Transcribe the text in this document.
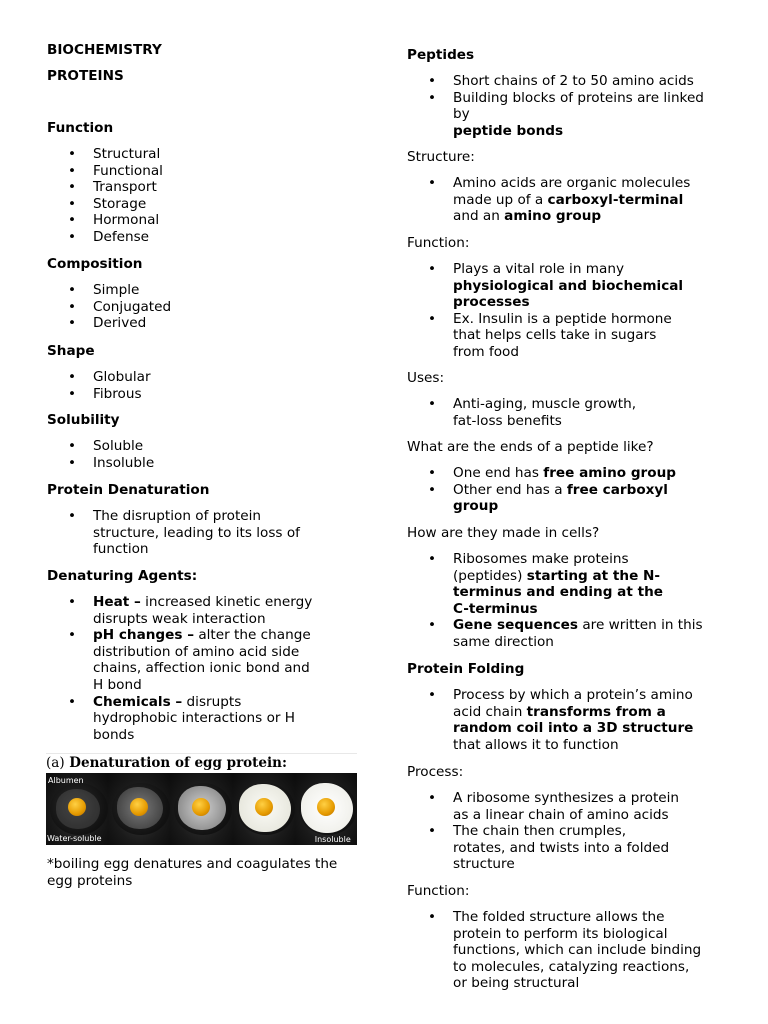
BIOCHEMISTRY
PROTEINS
Function
• Structural
• Functional
• Transport
• Storage
• Hormonal
• Defense
Composition
• Simple
• Conjugated
• Derived
Shape
• Globular
• Fibrous
Solubility
• Soluble
• Insoluble
Protein Denaturation
• The disruption of protein
structure, leading to its loss of
function
Denaturing Agents:
• Heat – increased kinetic energy
disrupts weak interaction
• pH changes – alter the change
distribution of amino acid side
chains, affection ionic bond and
H bond
• Chemicals – disrupts
hydrophobic interactions or H
bonds
*boiling egg denatures and coagulates the
egg proteins
(a) Denaturation of egg protein:
Albumen
Water-soluble	Insoluble
Peptides
• Short chains of 2 to 50 amino acids
• Building blocks of proteins are linked
by
peptide bonds
Structure:
• Amino acids are organic molecules
made up of a carboxyl-terminal
and an amino group
Function:
• Plays a vital role in many
physiological and biochemical
processes
• Ex. Insulin is a peptide hormone
that helps cells take in sugars
from food
Uses:
• Anti-aging, muscle growth,
fat-loss benefits
What are the ends of a peptide like?
• One end has free amino group
• Other end has a free carboxyl
group
How are they made in cells?
• Ribosomes make proteins
(peptides) starting at the N-
terminus and ending at the
C-terminus
• Gene sequences are written in this
same direction
Protein Folding
• Process by which a protein’s amino
acid chain transforms from a
random coil into a 3D structure
that allows it to function
Process:
• A ribosome synthesizes a protein
as a linear chain of amino acids
• The chain then crumples,
rotates, and twists into a folded
structure
Function:
• The folded structure allows the
protein to perform its biological
functions, which can include binding
to molecules, catalyzing reactions,
or being structural
